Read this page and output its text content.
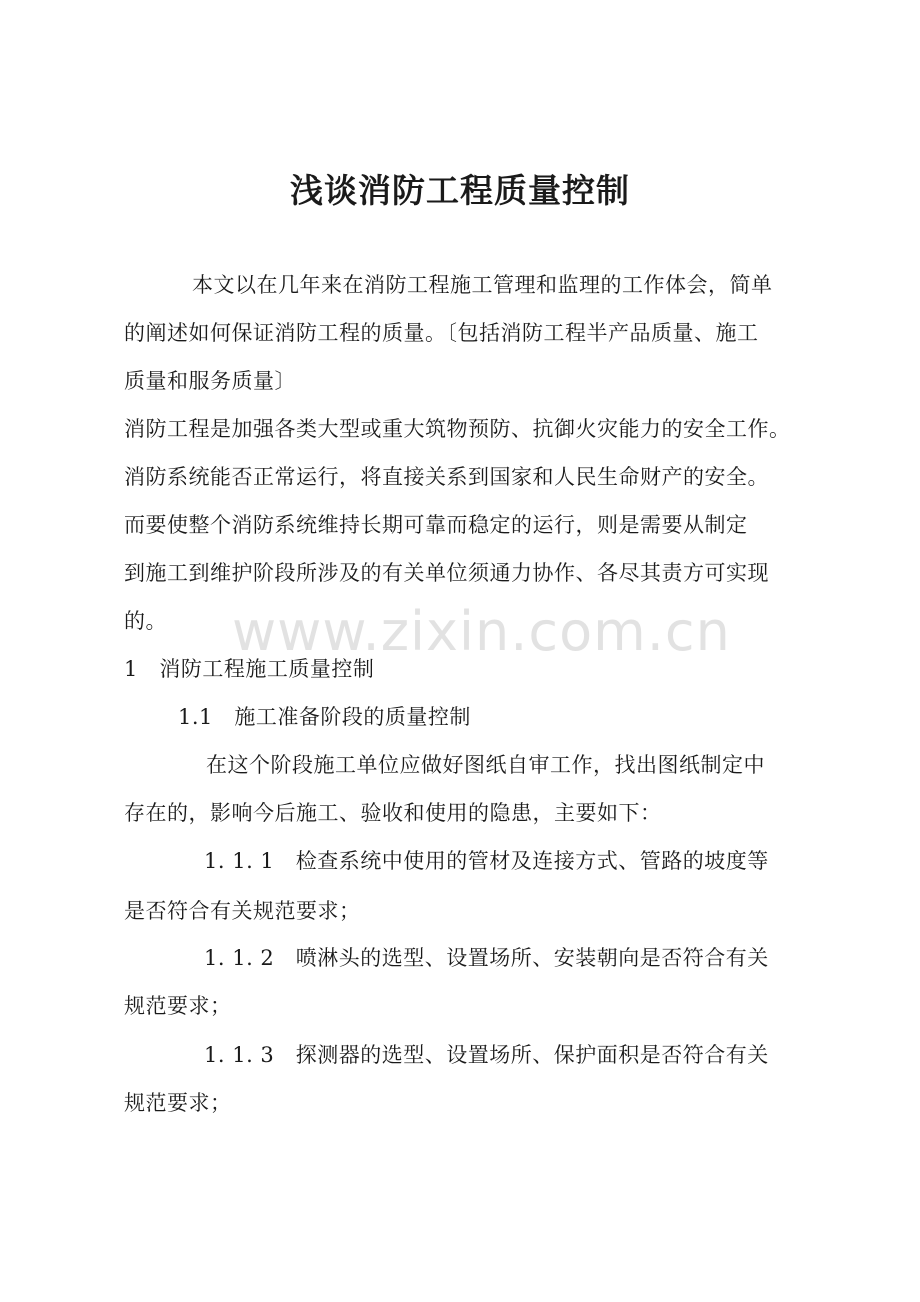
浅谈消防工程质量控制

本文以在几年来在消防工程施工管理和监理的工作体会，简单

的阐述如何保证消防工程的质量。〔包括消防工程半产品质量、施工

质量和服务质量〕

消防工程是加强各类大型或重大筑物预防、抗御火灾能力的安全工作。

消防系统能否正常运行，将直接关系到国家和人民生命财产的安全。

而要使整个消防系统维持长期可靠而稳定的运行，则是需要从制定

到施工到维护阶段所涉及的有关单位须通力协作、各尽其责方可实现

的。

1　消防工程施工质量控制

1.1　施工准备阶段的质量控制

在这个阶段施工单位应做好图纸自审工作，找出图纸制定中

存在的，影响今后施工、验收和使用的隐患，主要如下：

1. 1. 1　检查系统中使用的管材及连接方式、管路的坡度等

是否符合有关规范要求；

1. 1. 2　喷淋头的选型、设置场所、安装朝向是否符合有关

规范要求；

1. 1. 3　探测器的选型、设置场所、保护面积是否符合有关

规范要求；

www.zixin.com.cn
